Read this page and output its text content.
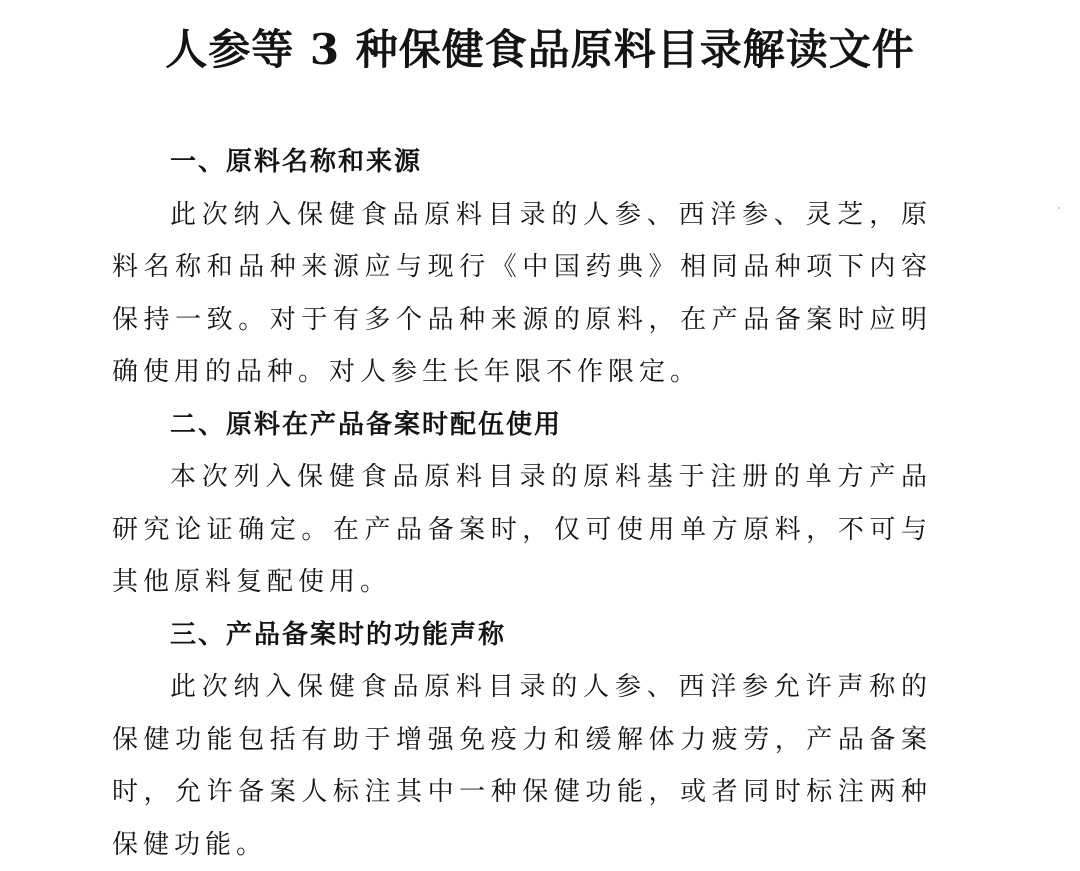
人参等 3 种保健食品原料目录解读文件
一、原料名称和来源

此次纳入保健食品原料目录的人参、西洋参、灵芝，原料名称和品种来源应与现行《中国药典》相同品种项下内容保持一致。对于有多个品种来源的原料，在产品备案时应明确使用的品种。对人参生长年限不作限定。

二、原料在产品备案时配伍使用

本次列入保健食品原料目录的原料基于注册的单方产品研究论证确定。在产品备案时，仅可使用单方原料，不可与其他原料复配使用。

三、产品备案时的功能声称

此次纳入保健食品原料目录的人参、西洋参允许声称的保健功能包括有助于增强免疫力和缓解体力疲劳，产品备案时，允许备案人标注其中一种保健功能，或者同时标注两种保健功能。
